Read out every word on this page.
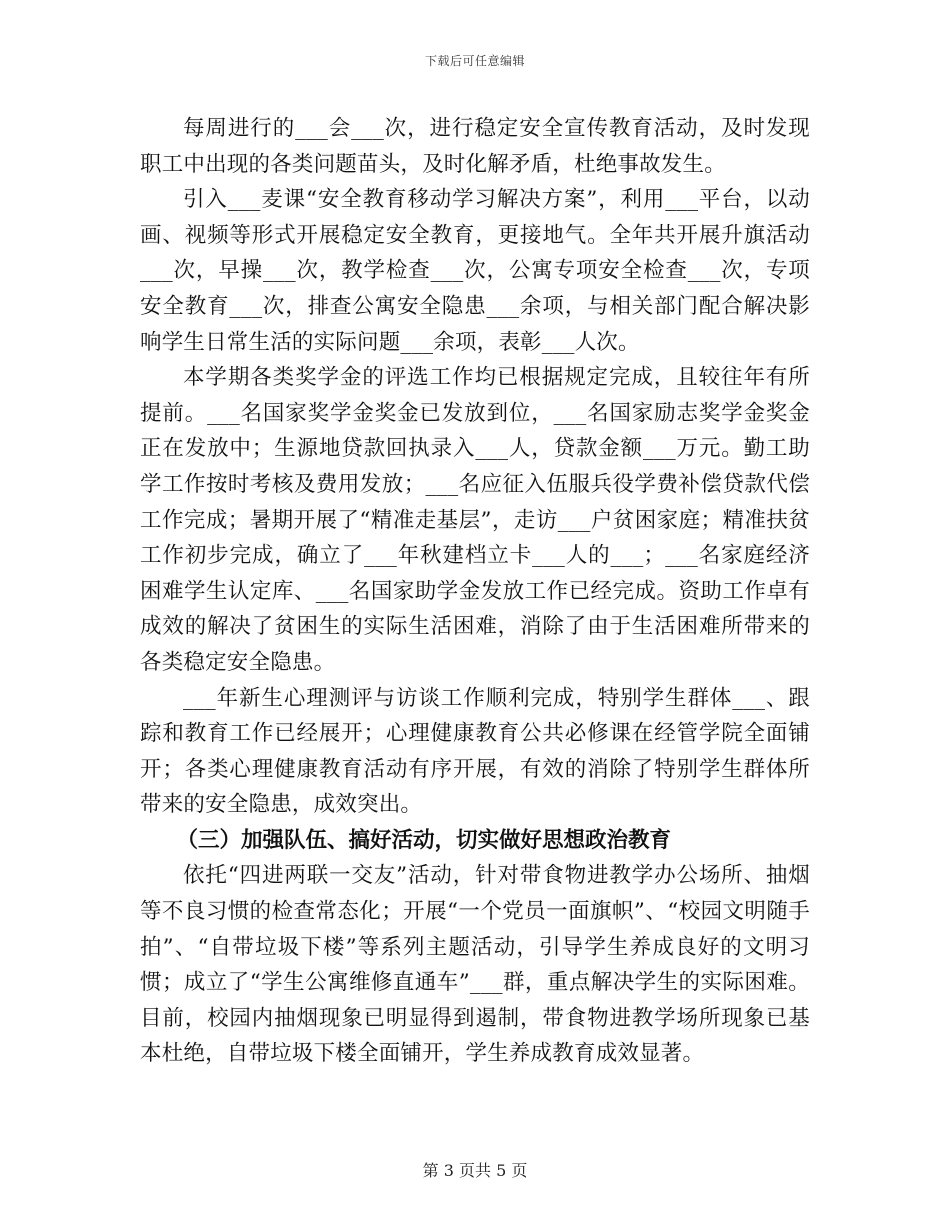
下载后可任意编辑

每周进行的___会___次，进行稳定安全宣传教育活动，及时发现职工中出现的各类问题苗头，及时化解矛盾，杜绝事故发生。

引入___麦课“安全教育移动学习解决方案”，利用___平台，以动画、视频等形式开展稳定安全教育，更接地气。全年共开展升旗活动___次，早操___次，教学检查___次，公寓专项安全检查___次，专项安全教育___次，排查公寓安全隐患___余项，与相关部门配合解决影响学生日常生活的实际问题___余项，表彰___人次。

本学期各类奖学金的评选工作均已根据规定完成，且较往年有所提前。___名国家奖学金奖金已发放到位，___名国家励志奖学金奖金正在发放中；生源地贷款回执录入___人，贷款金额___万元。勤工助学工作按时考核及费用发放；___名应征入伍服兵役学费补偿贷款代偿工作完成；暑期开展了“精准走基层”，走访___户贫困家庭；精准扶贫工作初步完成，确立了___年秋建档立卡___人的___；___名家庭经济困难学生认定库、___名国家助学金发放工作已经完成。资助工作卓有成效的解决了贫困生的实际生活困难，消除了由于生活困难所带来的各类稳定安全隐患。

___年新生心理测评与访谈工作顺利完成，特别学生群体___、跟踪和教育工作已经展开；心理健康教育公共必修课在经管学院全面铺开；各类心理健康教育活动有序开展，有效的消除了特别学生群体所带来的安全隐患，成效突出。

（三）加强队伍、搞好活动，切实做好思想政治教育

依托“四进两联一交友”活动，针对带食物进教学办公场所、抽烟等不良习惯的检查常态化；开展“一个党员一面旗帜”、“校园文明随手拍”、“自带垃圾下楼”等系列主题活动，引导学生养成良好的文明习惯；成立了“学生公寓维修直通车”___群，重点解决学生的实际困难。目前，校园内抽烟现象已明显得到遏制，带食物进教学场所现象已基本杜绝，自带垃圾下楼全面铺开，学生养成教育成效显著。

第 3 页共 5 页
